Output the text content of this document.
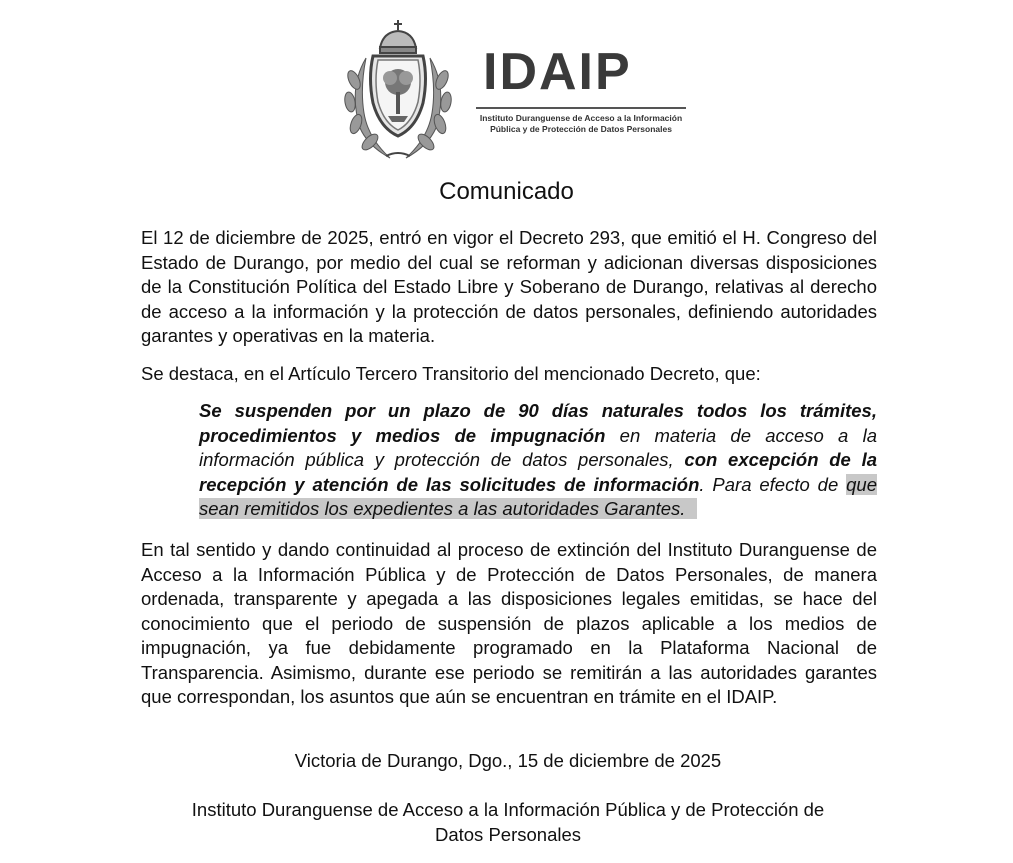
IDAIP
Instituto Duranguense de Acceso a la Información
Pública y de Protección de Datos Personales
Comunicado

El 12 de diciembre de 2025, entró en vigor el Decreto 293, que emitió el H. Congreso del Estado de Durango, por medio del cual se reforman y adicionan diversas disposiciones de la Constitución Política del Estado Libre y Soberano de Durango, relativas al derecho de acceso a la información y la protección de datos personales, definiendo autoridades garantes y operativas en la materia.

Se destaca, en el Artículo Tercero Transitorio del mencionado Decreto, que:

Se suspenden por un plazo de 90 días naturales todos los trámites, procedimientos y medios de impugnación en materia de acceso a la información pública y protección de datos personales, con excepción de la recepción y atención de las solicitudes de información. Para efecto de que sean remitidos los expedientes a las autoridades Garantes.

En tal sentido y dando continuidad al proceso de extinción del Instituto Duranguense de Acceso a la Información Pública y de Protección de Datos Personales, de manera ordenada, transparente y apegada a las disposiciones legales emitidas, se hace del conocimiento que el periodo de suspensión de plazos aplicable a los medios de impugnación, ya fue debidamente programado en la Plataforma Nacional de Transparencia. Asimismo, durante ese periodo se remitirán a las autoridades garantes que correspondan, los asuntos que aún se encuentran en trámite en el IDAIP.

Victoria de Durango, Dgo., 15 de diciembre de 2025
Instituto Duranguense de Acceso a la Información Pública y de Protección de
Datos Personales
